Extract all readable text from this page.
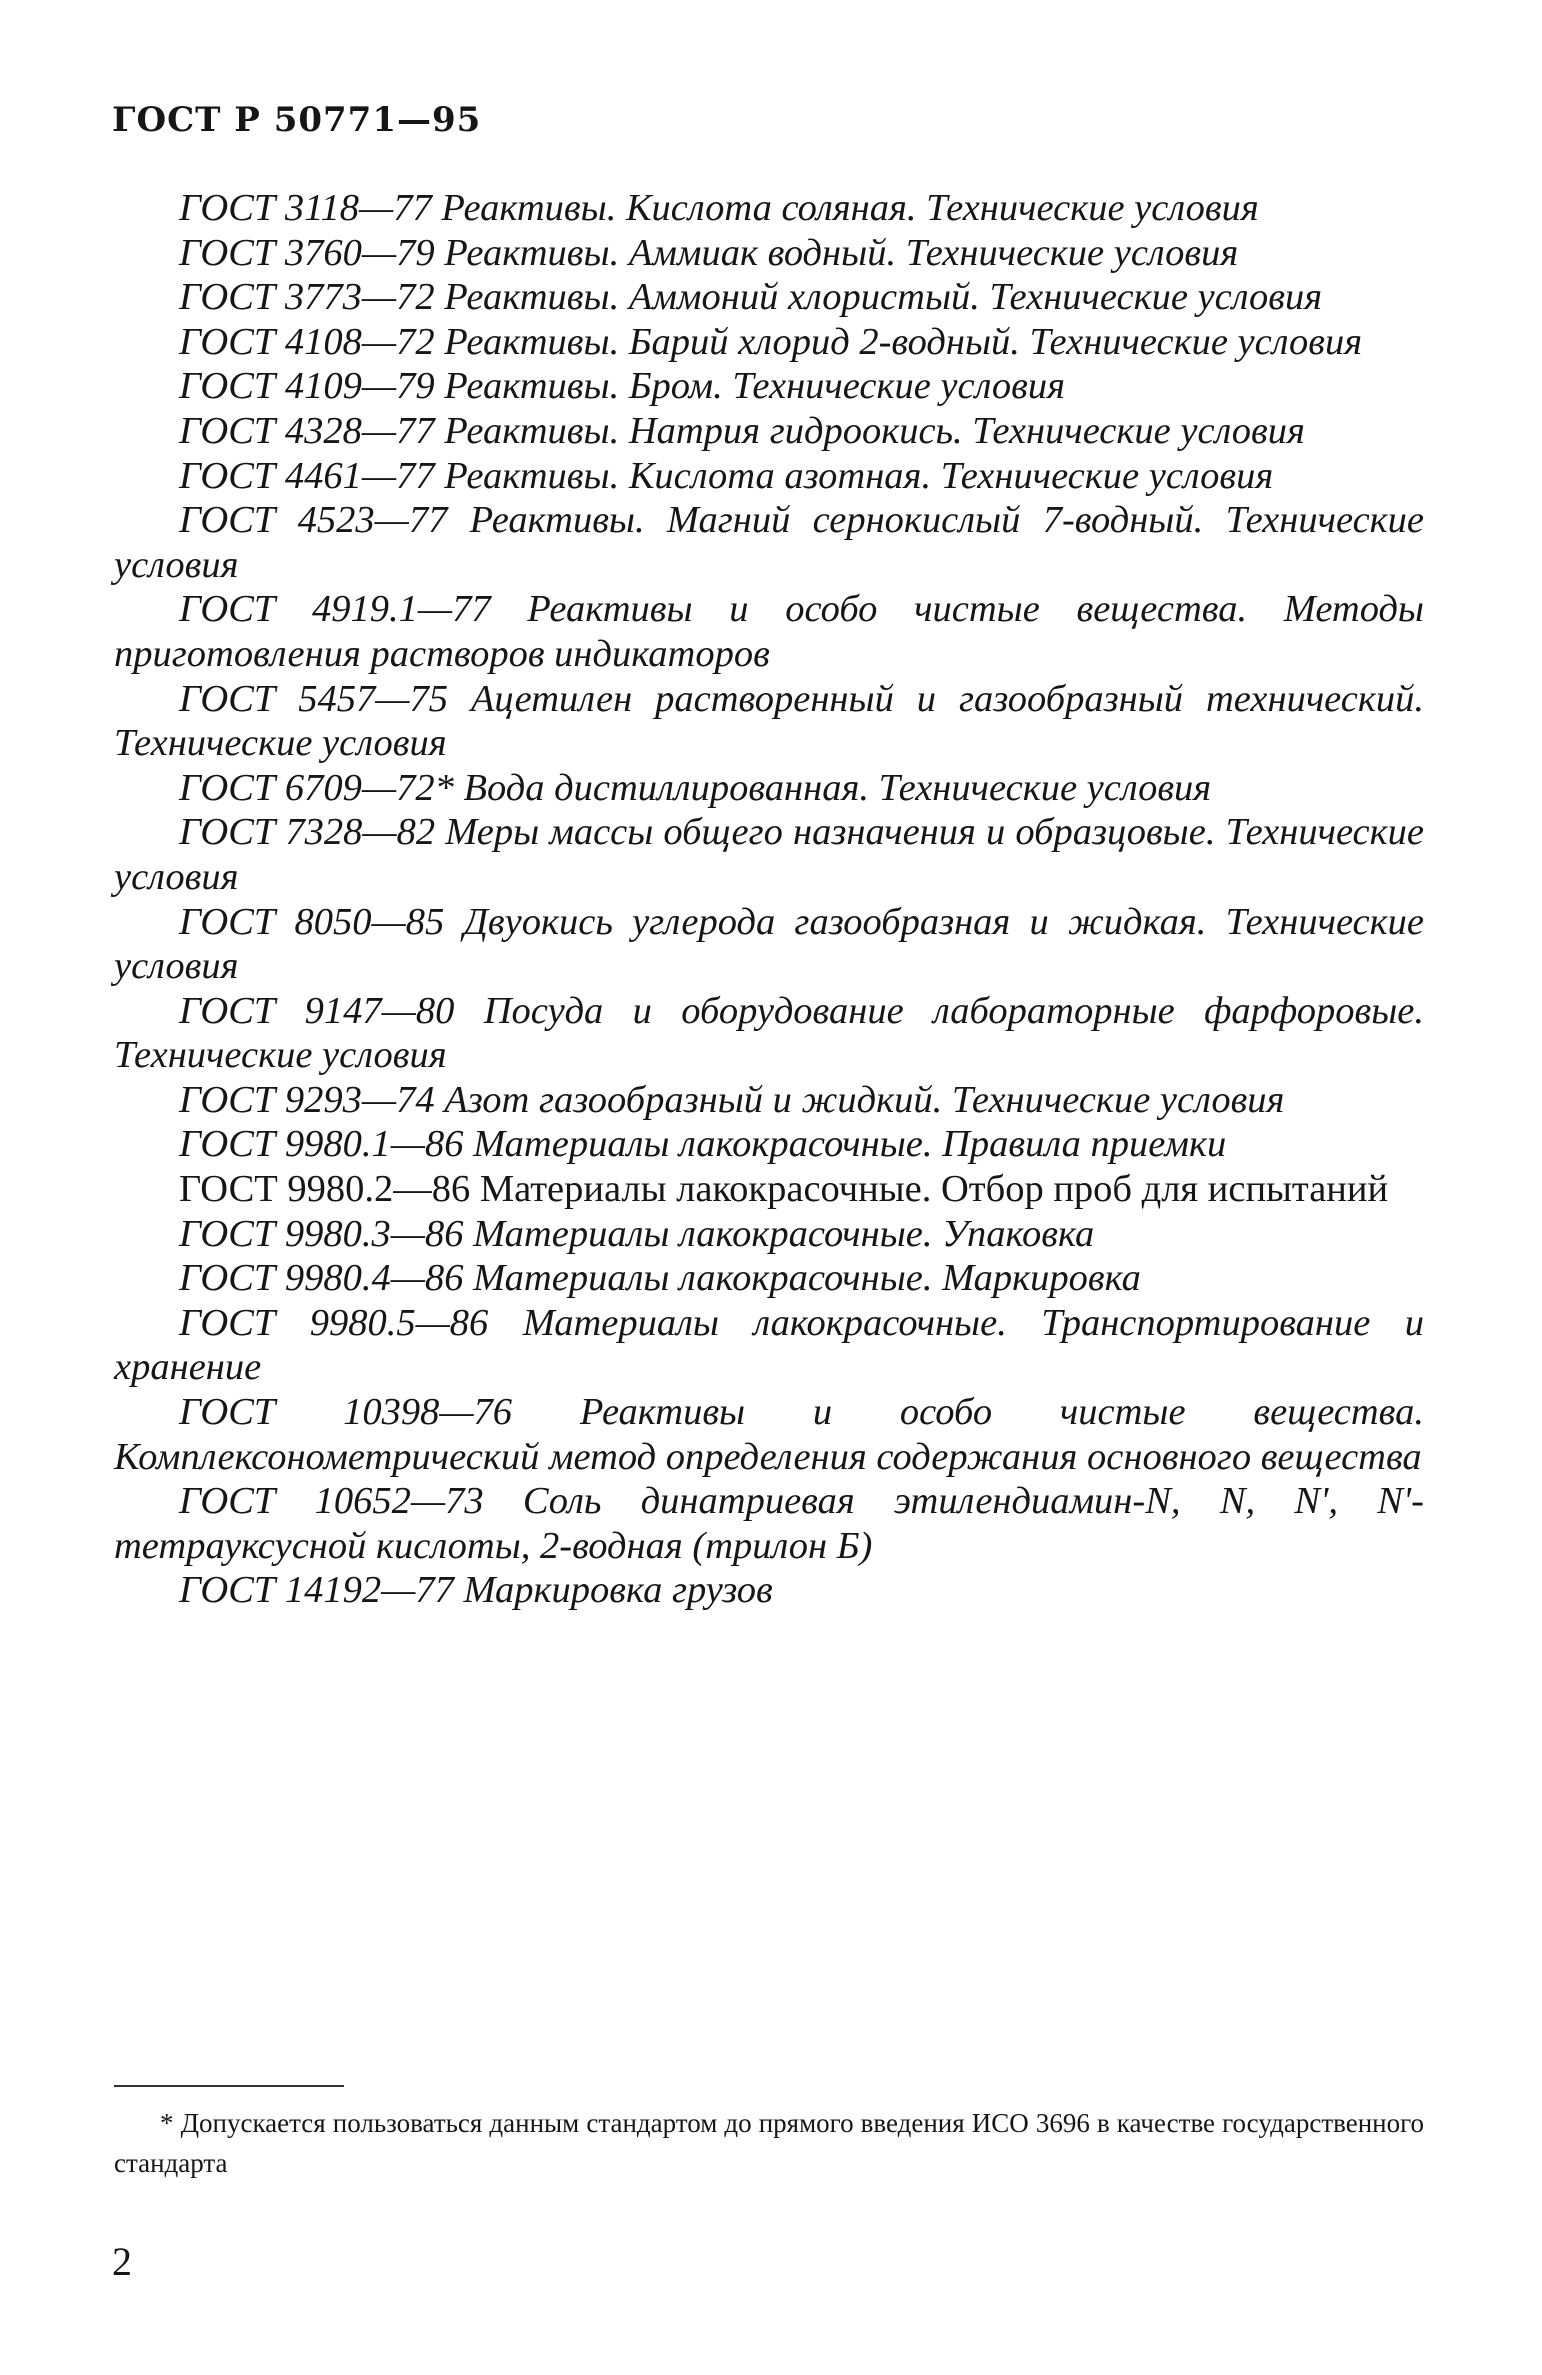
ГОСТ Р 50771—95

ГОСТ 3118—77 Реактивы. Кислота соляная. Технические условия

ГОСТ 3760—79 Реактивы. Аммиак водный. Технические условия

ГОСТ 3773—72 Реактивы. Аммоний хлористый. Технические условия

ГОСТ 4108—72 Реактивы. Барий хлорид 2-водный. Технические условия

ГОСТ 4109—79 Реактивы. Бром. Технические условия

ГОСТ 4328—77 Реактивы. Натрия гидроокись. Технические условия

ГОСТ 4461—77 Реактивы. Кислота азотная. Технические условия

ГОСТ 4523—77 Реактивы. Магний сернокислый 7-водный. Технические условия

ГОСТ 4919.1—77 Реактивы и особо чистые вещества. Методы приготовления растворов индикаторов

ГОСТ 5457—75 Ацетилен растворенный и газообразный технический. Технические условия

ГОСТ 6709—72* Вода дистиллированная. Технические условия

ГОСТ 7328—82 Меры массы общего назначения и образцовые. Технические условия

ГОСТ 8050—85 Двуокись углерода газообразная и жидкая. Технические условия

ГОСТ 9147—80 Посуда и оборудование лабораторные фарфоровые. Технические условия

ГОСТ 9293—74 Азот газообразный и жидкий. Технические условия

ГОСТ 9980.1—86 Материалы лакокрасочные. Правила приемки

ГОСТ 9980.2—86 Материалы лакокрасочные. Отбор проб для испытаний

ГОСТ 9980.3—86 Материалы лакокрасочные. Упаковка

ГОСТ 9980.4—86 Материалы лакокрасочные. Маркировка

ГОСТ 9980.5—86 Материалы лакокрасочные. Транспортирование и хранение

ГОСТ 10398—76 Реактивы и особо чистые вещества. Комплексонометрический метод определения содержания основного вещества

ГОСТ 10652—73 Соль динатриевая этилендиамин-N, N, N', N'-тетрауксусной кислоты, 2-водная (трилон Б)

ГОСТ 14192—77 Маркировка грузов

* Допускается пользоваться данным стандартом до прямого введения ИСО 3696 в качестве государственного стандарта

2
